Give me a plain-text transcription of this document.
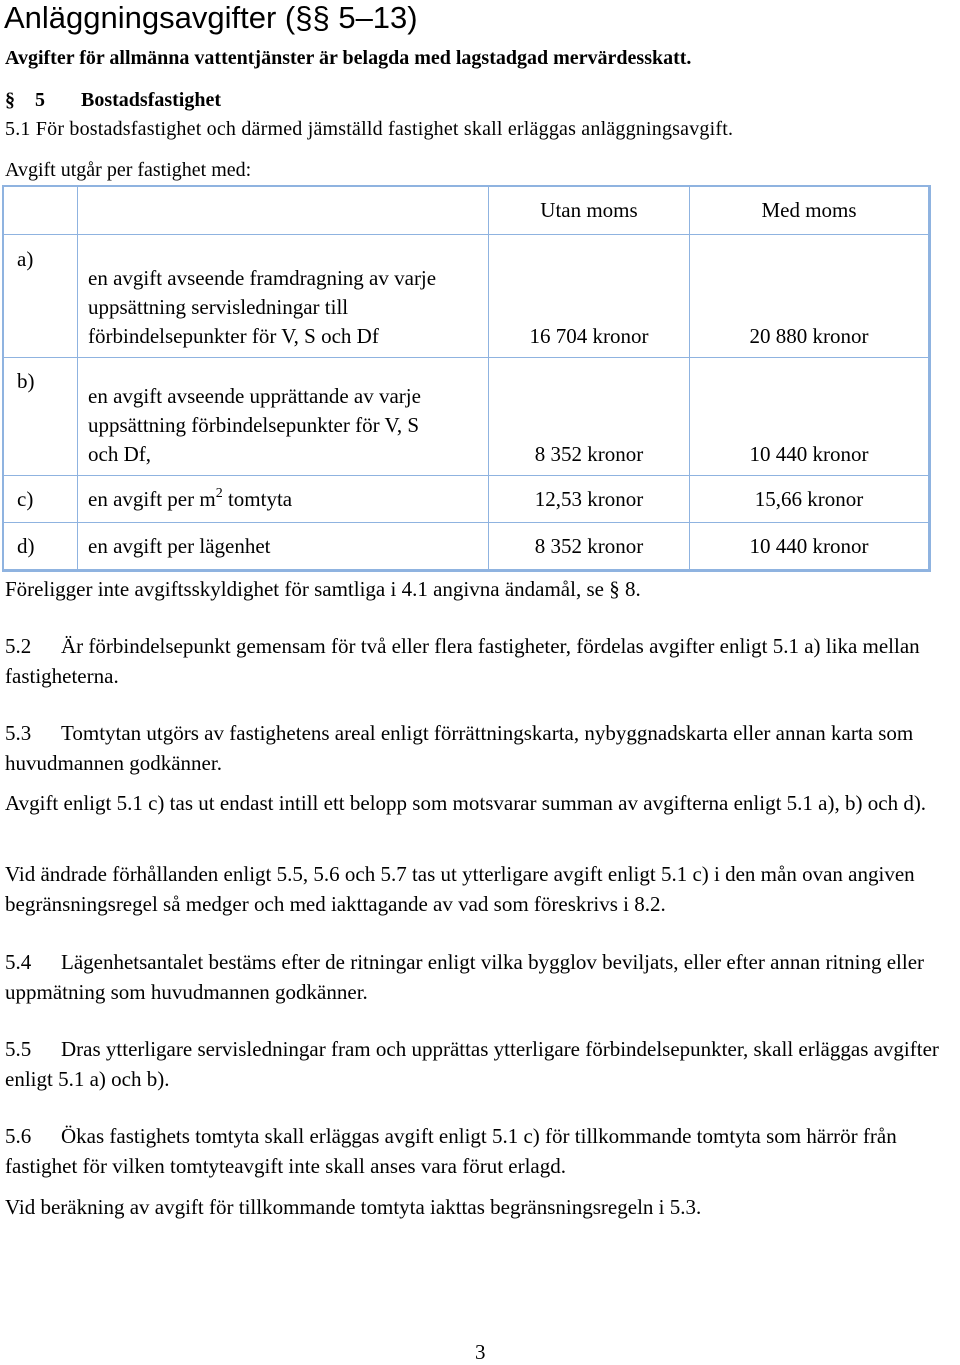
Anläggningsavgifter (§§ 5–13)
Avgifter för allmänna vattentjänster är belagda med lagstadgad mervärdesskatt.
§ 5 Bostadsfastighet
5.1 För bostadsfastighet och därmed jämställd fastighet skall erläggas anläggningsavgift.
Avgift utgår per fastighet med:
		Utan moms	Med moms
a)	en avgift avseende framdragning av varje
uppsättning servisledningar till
förbindelsepunkter för V, S och Df	16 704 kronor	20 880 kronor
b)	en avgift avseende upprättande av varje
uppsättning förbindelsepunkter för V, S
och Df,	8 352 kronor	10 440 kronor
c)	en avgift per $m^2$ tomtyta	12,53 kronor	15,66 kronor
d)	en avgift per lägenhet	8 352 kronor	10 440 kronor
Föreligger inte avgiftsskyldighet för samtliga i 4.1 angivna ändamål, se § 8.
5.2 Är förbindelsepunkt gemensam för två eller flera fastigheter, fördelas avgifter enligt 5.1 a) lika mellan fastigheterna.
5.3 Tomtytan utgörs av fastighetens areal enligt förrättningskarta, nybyggnadskarta eller annan karta som huvudmannen godkänner.
Avgift enligt 5.1 c) tas ut endast intill ett belopp som motsvarar summan av avgifterna enligt 5.1 a), b) och d).
Vid ändrade förhållanden enligt 5.5, 5.6 och 5.7 tas ut ytterligare avgift enligt 5.1 c) i den mån ovan angiven begränsningsregel så medger och med iakttagande av vad som föreskrivs i 8.2.
5.4 Lägenhetsantalet bestäms efter de ritningar enligt vilka bygglov beviljats, eller efter annan ritning eller uppmätning som huvudmannen godkänner.
5.5 Dras ytterligare servisledningar fram och upprättas ytterligare förbindelsepunkter, skall erläggas avgifter enligt 5.1 a) och b).
5.6 Ökas fastighets tomtyta skall erläggas avgift enligt 5.1 c) för tillkommande tomtyta som härrör från fastighet för vilken tomtyteavgift inte skall anses vara förut erlagd.
Vid beräkning av avgift för tillkommande tomtyta iakttas begränsningsregeln i 5.3.
3
